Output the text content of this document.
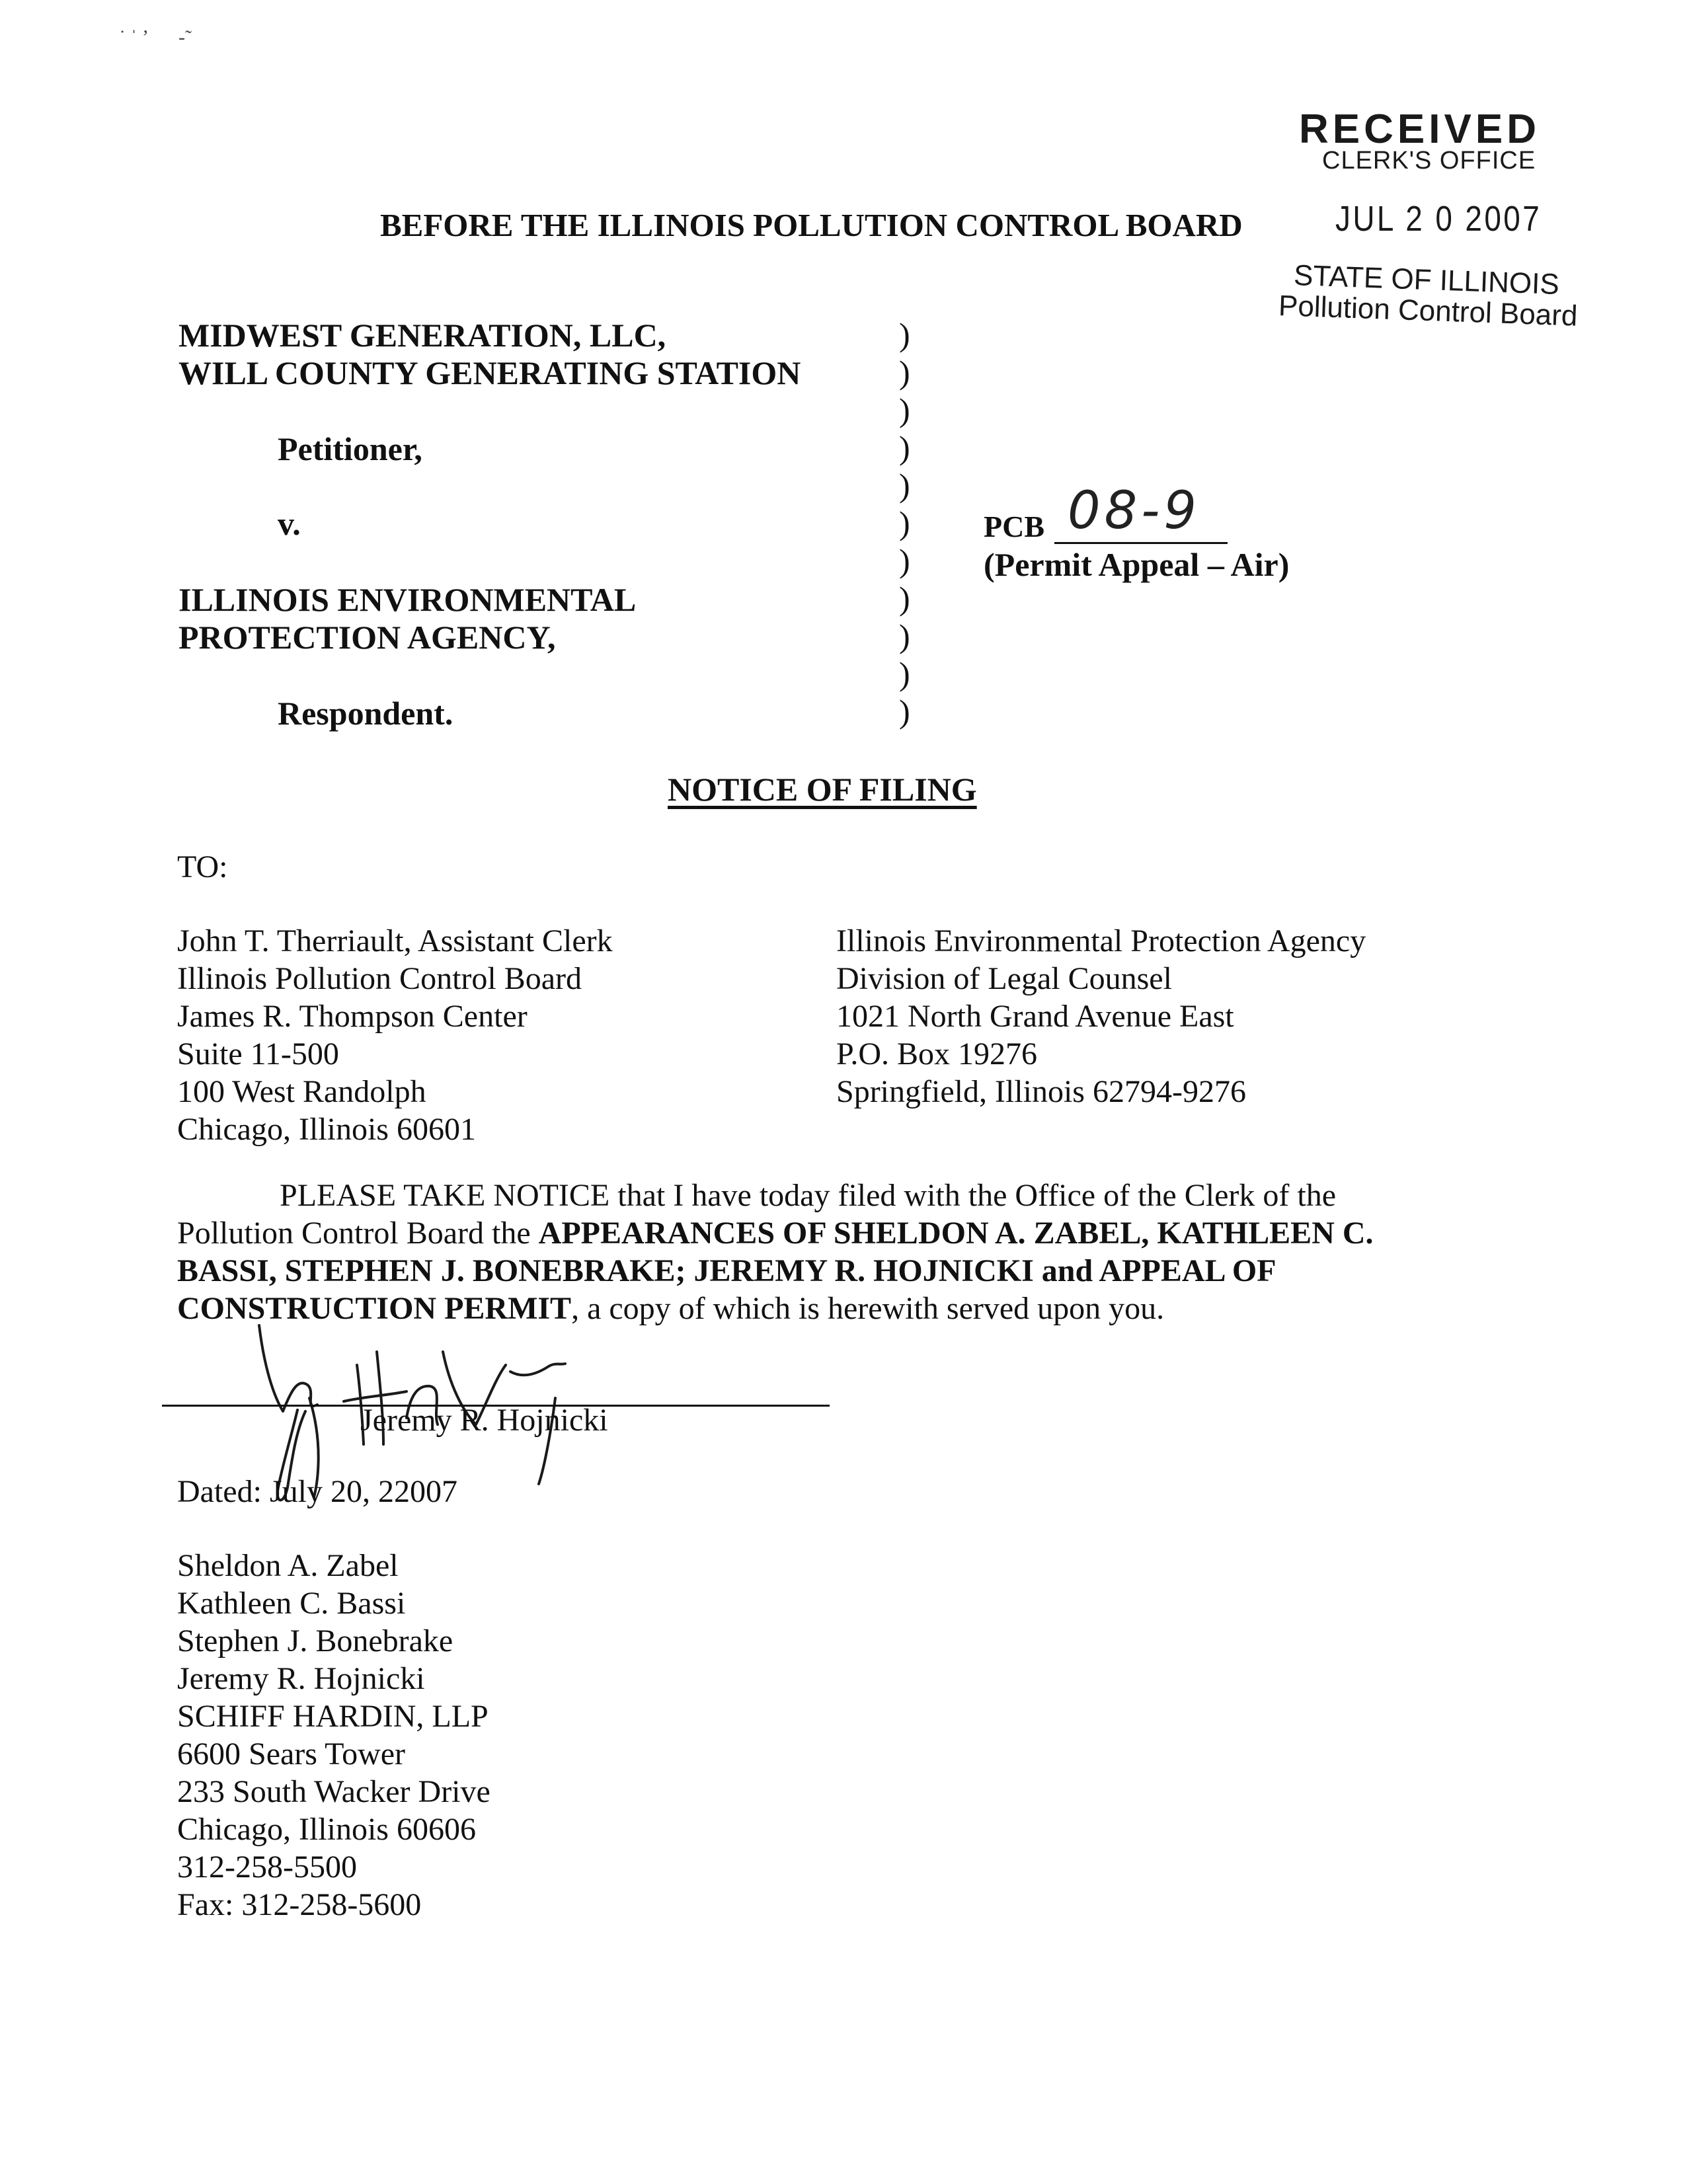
˙ ˈ ʼ      -˜
RECEIVED
CLERK'S OFFICE
JUL 2 0 2007
STATE OF ILLINOIS
Pollution Control Board
BEFORE THE ILLINOIS POLLUTION CONTROL BOARD
MIDWEST GENERATION, LLC,
WILL COUNTY GENERATING STATION
Petitioner,
v.
ILLINOIS ENVIRONMENTAL
PROTECTION AGENCY,
Respondent.
)
)
)
)
)
)
)
)
)
)
)
PCB 08-9
(Permit Appeal – Air)
NOTICE OF FILING
TO:
John T. Therriault, Assistant Clerk
Illinois Pollution Control Board
James R. Thompson Center
Suite 11-500
100 West Randolph
Chicago, Illinois 60601
Illinois Environmental Protection Agency
Division of Legal Counsel
1021 North Grand Avenue East
P.O. Box 19276
Springfield, Illinois 62794-9276
PLEASE TAKE NOTICE that I have today filed with the Office of the Clerk of the
Pollution Control Board the APPEARANCES OF SHELDON A. ZABEL, KATHLEEN C.
BASSI, STEPHEN J. BONEBRAKE; JEREMY R. HOJNICKI and APPEAL OF
CONSTRUCTION PERMIT, a copy of which is herewith served upon you.
Jeremy R. Hojnicki
Dated: July 20, 22007
Sheldon A. Zabel
Kathleen C. Bassi
Stephen J. Bonebrake
Jeremy R. Hojnicki
SCHIFF HARDIN, LLP
6600 Sears Tower
233 South Wacker Drive
Chicago, Illinois 60606
312-258-5500
Fax: 312-258-5600
